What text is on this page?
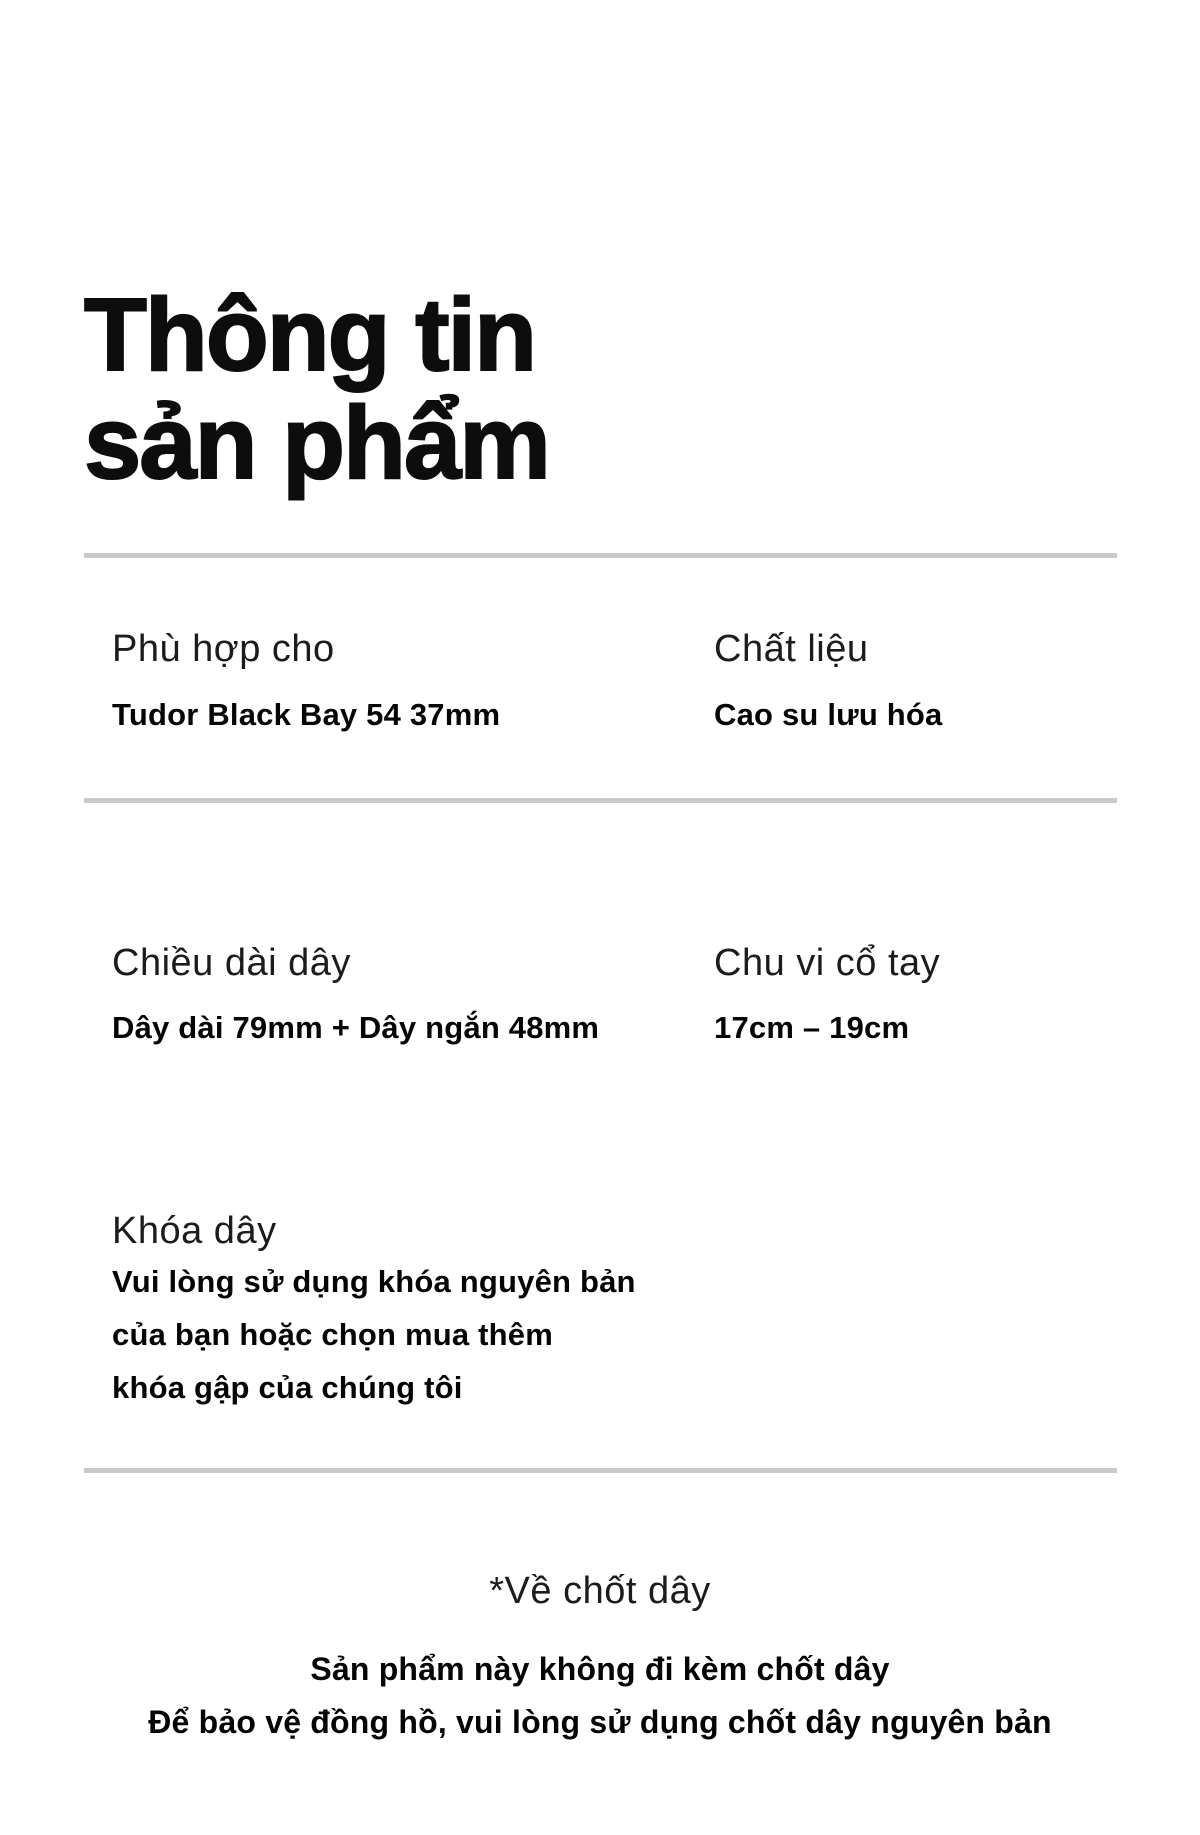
Thông tin
sản phẩm
Phù hợp cho	Chất liệu
Tudor Black Bay 54 37mm	Cao su lưu hóa
Chiều dài dây	Chu vi cổ tay
Dây dài 79mm + Dây ngắn 48mm	17cm – 19cm
Khóa dây
Vui lòng sử dụng khóa nguyên bản
của bạn hoặc chọn mua thêm
khóa gập của chúng tôi
*Về chốt dây
Sản phẩm này không đi kèm chốt dây
Để bảo vệ đồng hồ, vui lòng sử dụng chốt dây nguyên bản
